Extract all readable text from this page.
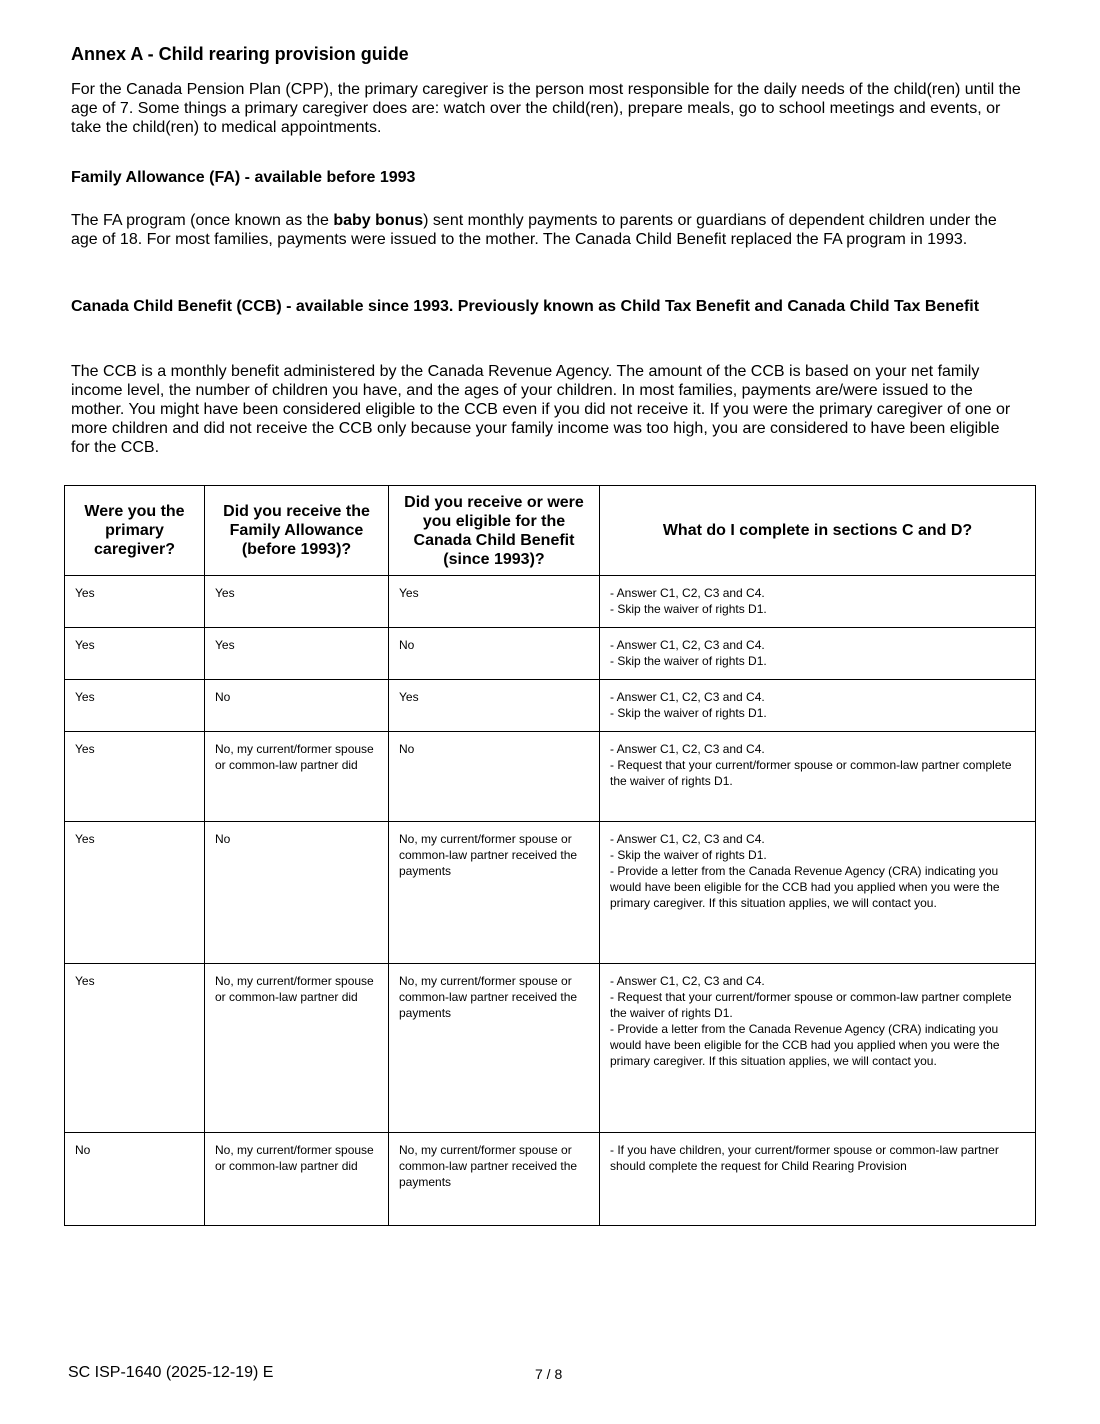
Annex A - Child rearing provision guide

For the Canada Pension Plan (CPP), the primary caregiver is the person most responsible for the daily needs of the child(ren) until the age of 7. Some things a primary caregiver does are: watch over the child(ren), prepare meals, go to school meetings and events, or take the child(ren) to medical appointments.

Family Allowance (FA) - available before 1993

The FA program (once known as the baby bonus) sent monthly payments to parents or guardians of dependent children under the age of 18. For most families, payments were issued to the mother. The Canada Child Benefit replaced the FA program in 1993.

Canada Child Benefit (CCB) - available since 1993. Previously known as Child Tax Benefit and Canada Child Tax Benefit

The CCB is a monthly benefit administered by the Canada Revenue Agency. The amount of the CCB is based on your net family income level, the number of children you have, and the ages of your children. In most families, payments are/were issued to the mother. You might have been considered eligible to the CCB even if you did not receive it. If you were the primary caregiver of one or more children and did not receive the CCB only because your family income was too high, you are considered to have been eligible for the CCB.

Were you the primary caregiver?	Did you receive the Family Allowance (before 1993)?	Did you receive or were you eligible for the Canada Child Benefit (since 1993)?	What do I complete in sections C and D?
Yes	Yes	Yes	- Answer C1, C2, C3 and C4.
- Skip the waiver of rights D1.

Yes	Yes	No	- Answer C1, C2, C3 and C4.
- Skip the waiver of rights D1.

Yes	No	Yes	- Answer C1, C2, C3 and C4.
- Skip the waiver of rights D1.

Yes	No, my current/former spouse or common-law partner did	No	- Answer C1, C2, C3 and C4.
- Request that your current/former spouse or common-law partner complete the waiver of rights D1.

Yes	No	No, my current/former spouse or common-law partner received the payments	- Answer C1, C2, C3 and C4.
- Skip the waiver of rights D1.
- Provide a letter from the Canada Revenue Agency (CRA) indicating you would have been eligible for the CCB had you applied when you were the primary caregiver. If this situation applies, we will contact you.

Yes	No, my current/former spouse or common-law partner did	No, my current/former spouse or common-law partner received the payments	- Answer C1, C2, C3 and C4.
- Request that your current/former spouse or common-law partner complete the waiver of rights D1.
- Provide a letter from the Canada Revenue Agency (CRA) indicating you would have been eligible for the CCB had you applied when you were the primary caregiver. If this situation applies, we will contact you.

No	No, my current/former spouse or common-law partner did	No, my current/former spouse or common-law partner received the payments	- If you have children, your current/former spouse or common-law partner should complete the request for Child Rearing Provision
SC ISP-1640 (2025-12-19) E	7 / 8
